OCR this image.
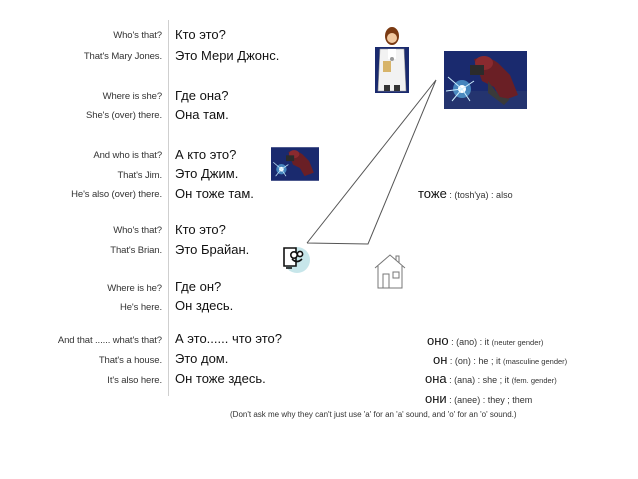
Who's that? Кто это?
That's Mary Jones. Это Мери Джонс.
Where is she? Где она?
She's (over) there. Она там.
And who is that? А кто это?
That's Jim. Это Джим.
He's also (over) there. Он тоже там.
Who's that? Кто это?
That's Brian. Это Брайан.
Where is he? Где он?
He's here. Он здесь.
And that ...... what's that? А это...... что это?
That's a house. Это дом.
It's also here. Он тоже здесь.
тоже : (tosh'ya) : also
оно : (ano) : it (neuter gender)
он : (on) : he ; it (masculine gender)
она : (ana) : she ; it (fem. gender)
они : (anee) : they ; them
(Don't ask me why they can't just use 'a' for an 'a' sound, and 'o' for an 'o' sound.)
